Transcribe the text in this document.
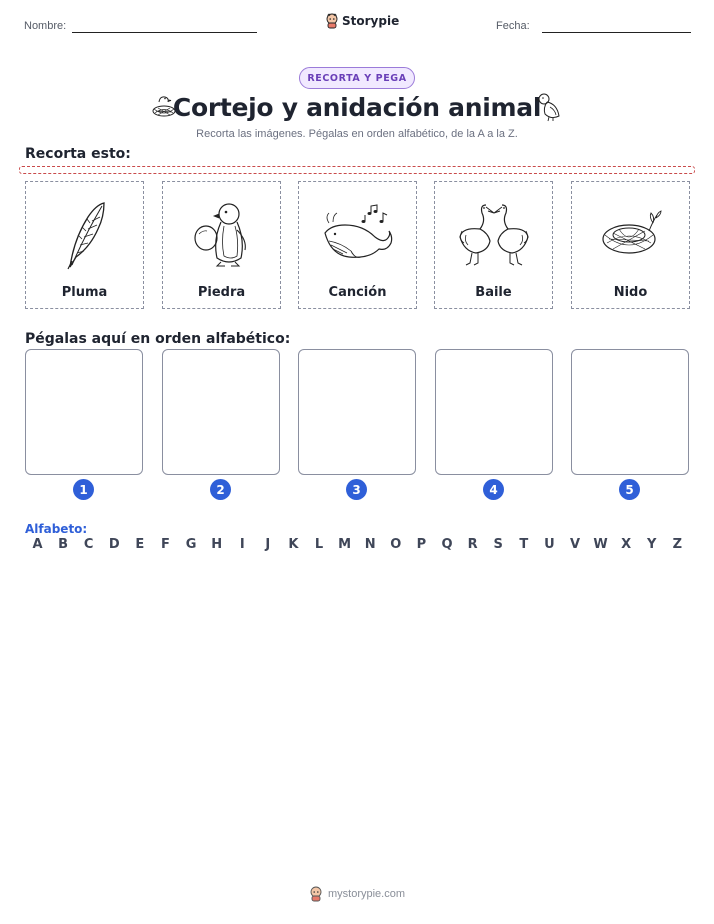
Nombre:	Storypie	Fecha:
RECORTA Y PEGA
Cortejo y anidación animal
Recorta las imágenes. Pégalas en orden alfabético, de la A a la Z.
Recorta esto:
Pluma	Piedra	Canción	Baile	Nido
Pégalas aquí en orden alfabético:
1	2	3	4	5
Alfabeto:
A	B	C	D	E	F	G	H	I	J	K	L	M	N	O	P	Q	R	S	T	U	V	W	X	Y	Z
mystorypie.com
